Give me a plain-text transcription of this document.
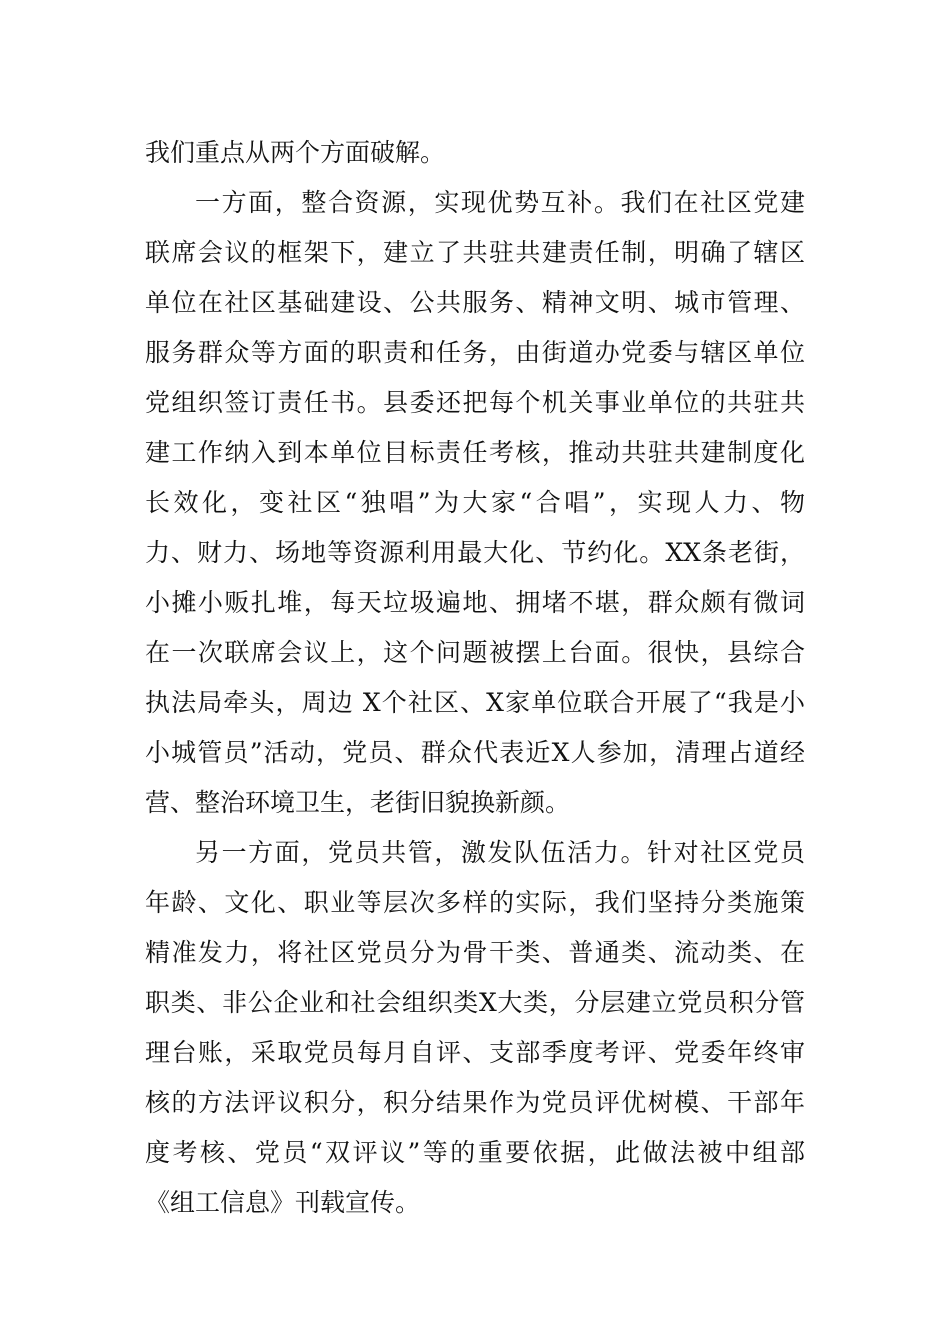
我们重点从两个方面破解。
一方面，整合资源，实现优势互补。我们在社区党建
联席会议的框架下，建立了共驻共建责任制，明确了辖区
单位在社区基础建设、公共服务、精神文明、城市管理、
服务群众等方面的职责和任务，由街道办党委与辖区单位
党组织签订责任书。县委还把每个机关事业单位的共驻共
建工作纳入到本单位目标责任考核，推动共驻共建制度化
长效化，变社区“独唱”为大家“合唱”，实现人力、物
力、财力、场地等资源利用最大化、节约化。XX条老街，
小摊小贩扎堆，每天垃圾遍地、拥堵不堪，群众颇有微词
在一次联席会议上，这个问题被摆上台面。很快，县综合
执法局牵头，周边 X个社区、X家单位联合开展了“我是小
小城管员”活动，党员、群众代表近X人参加，清理占道经
营、整治环境卫生，老街旧貌换新颜。
另一方面，党员共管，激发队伍活力。针对社区党员
年龄、文化、职业等层次多样的实际，我们坚持分类施策
精准发力，将社区党员分为骨干类、普通类、流动类、在
职类、非公企业和社会组织类X大类，分层建立党员积分管
理台账，采取党员每月自评、支部季度考评、党委年终审
核的方法评议积分，积分结果作为党员评优树模、干部年
度考核、党员“双评议”等的重要依据，此做法被中组部
《组工信息》刊载宣传。
